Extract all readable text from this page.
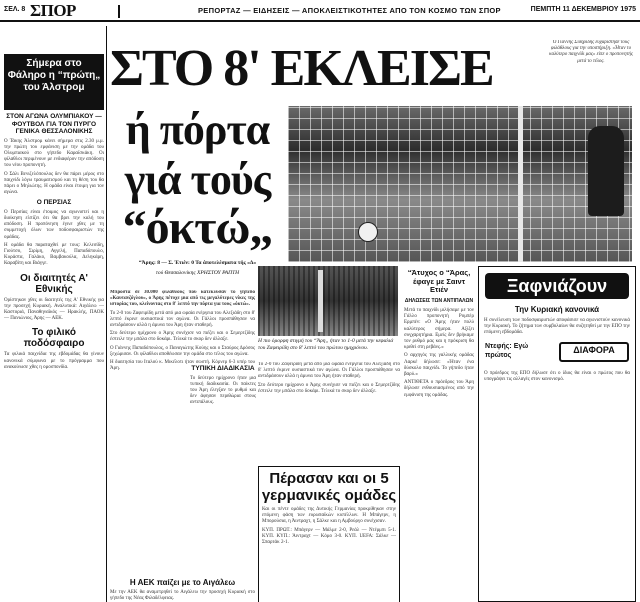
ΣΕΛ. 8 ΣΠΟΡ	ΡΕΠΟΡΤΑΖ — ΕΙΔΗΣΕΙΣ — ΑΠΟΚΛΕΙΣΤΙΚΟΤΗΤΕΣ ΑΠΟ ΤΟΝ ΚΟΣΜΟ ΤΩΝ ΣΠΟΡ	ΠΕΜΠΤΗ 11 ΔΕΚΕΜΒΡΙΟΥ 1975
Σήμερα στο Φάληρο η “πρώτη„ του Άλστρομ
ΣΤΟΝ ΑΓΩΝΑ ΟΛΥΜΠΙΑΚΟΥ — ΦΟΥΤΒΟΛ ΓΙΑ ΤΟΝ ΠΥΡΓΟ ΓΕΝΙΚΑ ΘΕΣΣΑΛΟΝΙΚΗΣ

Ο Τάκης Άλστρομ κάνει σήμερα στις 2.30 μ.μ. την πρώτη του εμφάνιση με την ομάδα του Ολυμπιακού στο γήπεδο Καραϊσκάκη. Οι φίλαθλοι περιμένουν με ενδιαφέρον την απόδοση του νέου προπονητή.

Ο Σάλι Βενιζελόπουλος δεν θα πάρει μέρος στο παιχνίδι λόγω τραυματισμού και τη θέση του θα πάρει ο Μηλιώτης. Η ομάδα είναι έτοιμη για τον αγώνα.

Ο ΠΕΡΣΙΑΣ

Ο Περσίας είναι έτοιμος να αγωνιστεί και η διοίκηση ελπίζει ότι θα βρει την καλή του απόδοση. Η προπόνηση έγινε χθες με τη συμμετοχή όλων των ποδοσφαιριστών της ομάδας.

Η ομάδα θα παραταχθεί με τους: Κελεσίδη, Γιούτσο, Σιρίμη, Αγγελή, Παπαδόπουλο, Κυράστα, Γαλάκο, Βαμβακούλα, Δεληκάρη, Καραβίτη και Βιάγγε.

Οι διαιτητές Α' Εθνικής

Ορίστηκαν χθες οι διαιτητές της Α' Εθνικής για την προσεχή Κυριακή. Αναλυτικά: Αιγάλεω — Καστοριά, Παναθηναϊκός — Ηρακλής, ΠΑΟΚ — Πανιώνιος, Άρης — ΑΕΚ.

Το φιλικό ποδόσφαιρο

Τα φιλικά παιχνίδια της εβδομάδας θα γίνουν κανονικά σύμφωνα με το πρόγραμμα που ανακοίνωσε χθες η ομοσπονδία.

ΣΤΟ 8' ΕΚΛΕΙΣΕ
ή πόρτα
γιά τούς
“όκτώ„
“Άρης: 8 — Σ. Έτιέν: 0 Τα άποτελέσματα τής «Δ»
τού Θεσσαλονίκης ΧΡΗΣΤΟΥ ΡΑΠΤΗ
Ο Γιάννης Σιδηρίδης ευχαρίστησε τους φιλάθλους για την υποστήριξη. «Ήταν το καλύτερο παιχνίδι μας» είπε ο προπονητής μετά το τέλος.
Η πιο όμορφη στιγμή του “Άρη„ ήταν το 1-0 μετά την κεφαλιά του Ζαφειρίδη στο 8' λεπτό του πρώτου ημιχρόνου.

Μπροστά σε 30.000 φιλάθλους που κατέκλυσαν το γήπεδο «Καυτανζόγλου», ο Άρης πέτυχε μια από τις μεγαλύτερες νίκες της ιστορίας του, κλείνοντας στο 8' λεπτό την πόρτα για τους «όκτώ».

Το 2-0 του Ζαφειρίδη μετά από μια ωραία ενέργεια του Αλεξιάδη στο 8' λεπτό έκρινε ουσιαστικά τον αγώνα. Οι Γάλλοι προσπάθησαν να αντιδράσουν αλλά η άμυνα του Άρη ήταν σταθερή.

Στο δεύτερο ημίχρονο ο Άρης συνέχισε να πιέζει και ο Σεμερτζίδης έστειλε την μπάλα στο δοκάρι. Τελικά το σκορ δεν άλλαξε.

Ο Γιάννης Παπαδόπουλος, ο Παναγιώτης Κούης και ο Σταύρος Δρόσος ξεχώρισαν. Οι φίλαθλοι αποθέωσαν την ομάδα στο τέλος του αγώνα.

Η διαιτησία του Ιταλού κ. Μικέλοτι ήταν σωστή. Κόρνερ 6-3 υπέρ του Άρη.	ΤΥΠΙΚΗ ΔΙΑΔΙΚΑΣΙΑ

Το δεύτερο ημίχρονο ήταν μια τυπική διαδικασία. Οι παίκτες του Άρη έλεγξαν το ρυθμό και δεν άφησαν περιθώρια στους αντιπάλους.

Το 2-0 του Ζαφειρίδη μετά από μια ωραία ενέργεια του Αλεξιάδη στο 8' λεπτό έκρινε ουσιαστικά τον αγώνα. Οι Γάλλοι προσπάθησαν να αντιδράσουν αλλά η άμυνα του Άρη ήταν σταθερή.

Στο δεύτερο ημίχρονο ο Άρης συνέχισε να πιέζει και ο Σεμερτζίδης έστειλε την μπάλα στο δοκάρι. Τελικά το σκορ δεν άλλαξε.

Η ΑΕΚ παίζει με το Αιγάλεω
Με την ΑΕΚ θα αναμετρηθεί το Αιγάλεω την προσεχή Κυριακή στο γήπεδο της Νέας Φιλαδέλφειας.
Πέρασαν και οι 5
γερμανικές ομάδες

Και οι πέντε ομάδες της Δυτικής Γερμανίας προκρίθηκαν στην επόμενη φάση των ευρωπαϊκών κυπέλλων. Η Μπάγερν, η Μπορούσια, η Άιντραχτ, η Σάλκε και η Αμβούργο συνέχισαν.

ΚΥΠ. ΠΡΩΤ.: Μπάγερν — Μάλμε 2-0, Ρεάλ — Ντέρμπι 5-1. ΚΥΠ. ΚΥΠ.: Άιντραχτ — Κόμο 3-0. ΚΥΠ. UEFA: Σάλκε — Σπαρτάκ 2-1.

“Άτυχος ο “Άρας, έφαγε με Σαιντ Ετιέν
ΔΗΛΩΣΕΙΣ ΤΩΝ ΑΝΤΙΠΑΛΩΝ

Μετά το παιχνίδι μιλήσαμε με τον Γάλλο προπονητή Ρομπέρ Ερμπέν: «Ο Άρης ήταν πολύ καλύτερος σήμερα. Αξίζει συγχαρητήρια. Εμείς δεν βρήκαμε τον ρυθμό μας και η πρόκριση θα κριθεί στη ρεβάνς.»

Ο αρχηγός της γαλλικής ομάδας Λαρκέ δήλωσε: «Ήταν ένα δύσκολο παιχνίδι. Το γήπεδο ήταν βαρύ.»

ΑΝΤΙΘΕΤΑ ο πρόεδρος του Άρη δήλωσε ενθουσιασμένος από την εμφάνιση της ομάδας.

Ξαφνιάζουν
Την Κυριακή κανονικά
Η συνέλευση των ποδοσφαιριστών αποφάσισε να αγωνιστούν κανονικά την Κυριακή. Το ζήτημα των συμβολαίων θα συζητηθεί με την ΕΠΟ την επόμενη εβδομάδα.
Ντεφής: Εγώ πρώτος
ΔΙΑΦΟΡΑ
Ο πρόεδρος της ΕΠΟ δήλωσε ότι ο ίδιος θα είναι ο πρώτος που θα υπογράψει τις αλλαγές στον κανονισμό.
